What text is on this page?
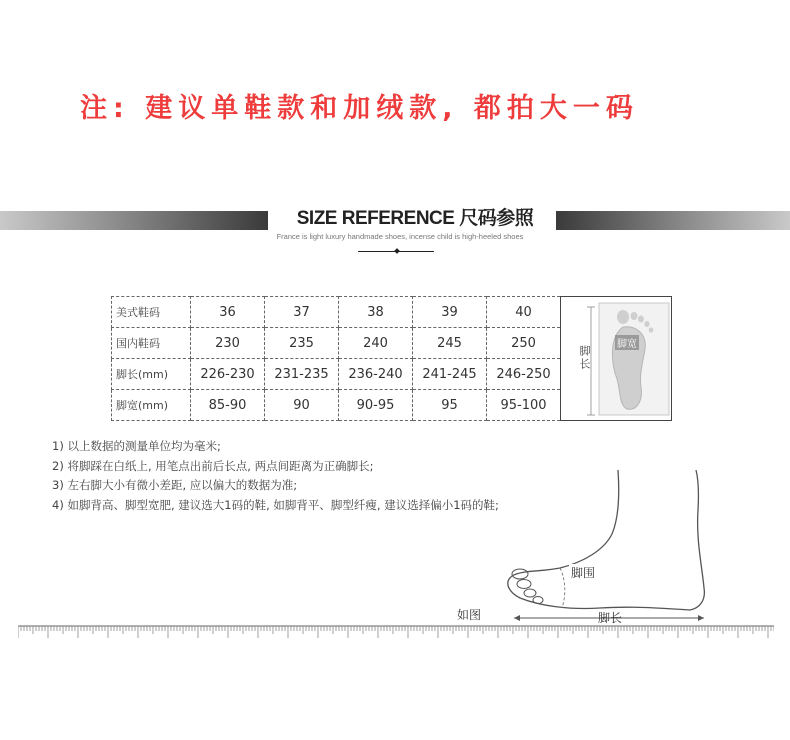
注: 建议单鞋款和加绒款, 都拍大一码
SIZE REFERENCE 尺码参照
France is light luxury handmade shoes, incense child is high-heeled shoes
美式鞋码	36	37	38	39	40	脚长
脚宽

国内鞋码	230	235	240	245	250	
脚长(mm)	226-230	231-235	236-240	241-245	246-250	
脚宽(mm)	85-90	90	90-95	95	95-100	
1) 以上数据的测量单位均为毫米;
2) 将脚踩在白纸上, 用笔点出前后长点, 两点间距离为正确脚长;
3) 左右脚大小有微小差距, 应以偏大的数据为准;
4) 如脚背高、脚型宽肥, 建议选大1码的鞋, 如脚背平、脚型纤瘦, 建议选择偏小1码的鞋;
脚围
如图	脚长
